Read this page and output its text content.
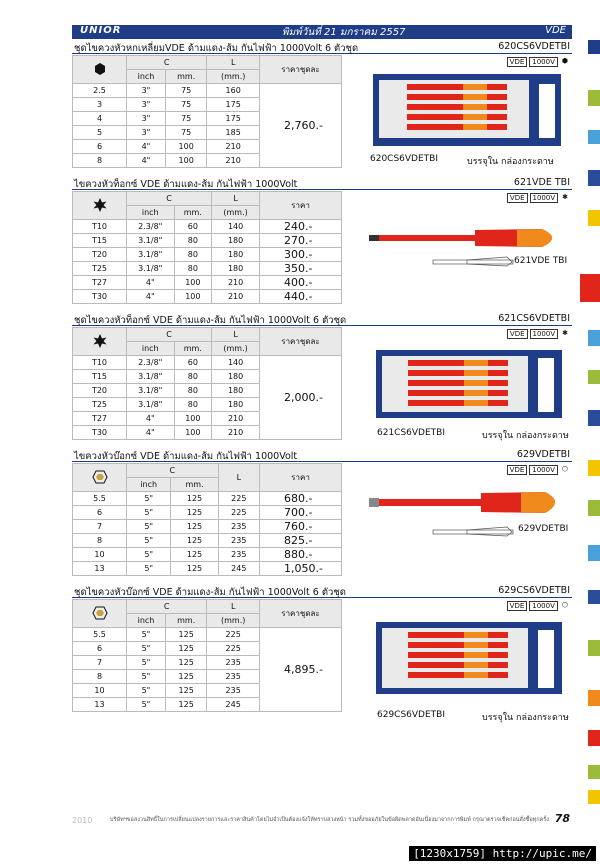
UNIOR	พิมพ์วันที่ 21 มกราคม 2557	VDE
ชุดไขควงหัวหกเหลี่ยมVDE ด้ามแดง-ส้ม กันไฟฟ้า 1000Volt 6 ตัวชุด	620CS6VDETBI
	C		L	ราคาชุดละ
	inch	mm.	(mm.)	
2.5	3"	75	160	2,760.-
3	3"	75	175	
4	3"	75	175	
5	3"	75	185	
6	4"	100	210	
8	4"	100	210	
VDE	1000V	⬢
620CS6VDETBI	บรรจุใน กล่องกระดาษ
ไขควงหัวท็อกซ์ VDE ด้ามแดง-ส้ม กันไฟฟ้า 1000Volt	621VDE TBI
	C		L	ราคา
	inch	mm.	(mm.)	
T10	2.3/8"	60	140	240.-
T15	3.1/8"	80	180	270.-
T20	3.1/8"	80	180	300.-
T25	3.1/8"	80	180	350.-
T27	4"	100	210	400.-
T30	4"	100	210	440.-
VDE	1000V	✱
621VDE TBI
ชุดไขควงหัวท็อกซ์ VDE ด้ามแดง-ส้ม กันไฟฟ้า 1000Volt 6 ตัวชุด	621CS6VDETBI
	C		L	ราคาชุดละ
	inch	mm.	(mm.)	
T10	2.3/8"	60	140	2,000.-
T15	3.1/8"	80	180	
T20	3.1/8"	80	180	
T25	3.1/8"	80	180	
T27	4"	100	210	
T30	4"	100	210	
VDE	1000V	✱
621CS6VDETBI	บรรจุใน กล่องกระดาษ
ไขควงหัวบ๊อกซ์ VDE ด้ามแดง-ส้ม กันไฟฟ้า 1000Volt	629VDETBI
	C		L	ราคา
	inch	mm.		
5.5	5"	125	225	680.-
6	5"	125	225	700.-
7	5"	125	235	760.-
8	5"	125	235	825.-
10	5"	125	235	880.-
13	5"	125	245	1,050.-
VDE	1000V	⬡
629VDETBI
ชุดไขควงหัวบ๊อกซ์ VDE ด้ามแดง-ส้ม กันไฟฟ้า 1000Volt 6 ตัวชุด	629CS6VDETBI
	C		L	ราคาชุดละ
	inch	mm.	(mm.)	
5.5	5"	125	225	4,895.-
6	5"	125	225	
7	5"	125	235	
8	5"	125	235	
10	5"	125	235	
13	5"	125	245	
VDE	1000V	⬡
629CS6VDETBI	บรรจุใน กล่องกระดาษ
2010	บริษัทฯขอสงวนสิทธิ์ในการเปลี่ยนแปลงรายการและราคาสินค้าโดยไม่จำเป็นต้องแจ้งให้ทราบล่วงหน้า รวมทั้งขออภัยในข้อผิดพลาดอันเนื่องมาจากการพิมพ์ กรุณาตรวจเช็คก่อนสั่งซื้อทุกครั้ง 78
[1230x1759] http://upic.me/
